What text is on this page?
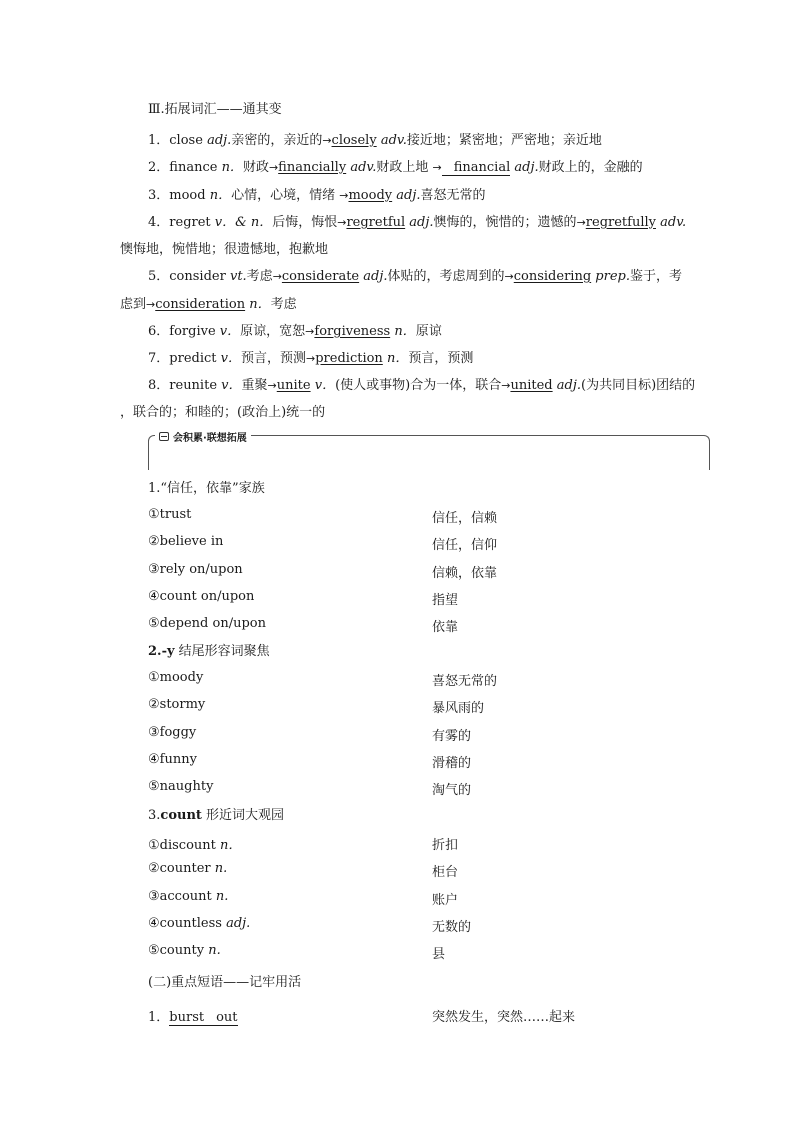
Ⅲ.拓展词汇——通其变
1．close adj.亲密的，亲近的→closely adv.接近地；紧密地；严密地；亲近地
2．finance n．财政→financially adv.财政上地 → financial adj.财政上的，金融的
3．mood n．心情，心境，情绪 →moody adj.喜怒无常的
4．regret v．& n．后悔，悔恨→regretful adj.懊悔的，惋惜的；遗憾的→regretfully adv.
懊悔地，惋惜地；很遗憾地，抱歉地
5．consider vt.考虑→considerate adj.体贴的，考虑周到的→considering prep.鉴于，考
虑到→consideration n．考虑
6．forgive v．原谅，宽恕→forgiveness n．原谅
7．predict v．预言，预测→prediction n．预言，预测
8．reunite v．重聚→unite v．(使人或事物)合为一体，联合→united adj.(为共同目标)团结的
，联合的；和睦的；(政治上)统一的
会积累·联想拓展
1.“信任，依靠”家族
①trust	信任，信赖
②believe in	信任，信仰
③rely on/upon	信赖，依靠
④count on/upon	指望
⑤depend on/upon	依靠
2.-y 结尾形容词聚焦
①moody	喜怒无常的
②stormy	暴风雨的
③foggy	有雾的
④funny	滑稽的
⑤naughty	淘气的
3.count 形近词大观园
①discount n．	折扣
②counter n.	柜台
③account n.	账户
④countless adj.	无数的
⑤county n.	县
(二)重点短语——记牢用活
1．burst out	突然发生，突然……起来
